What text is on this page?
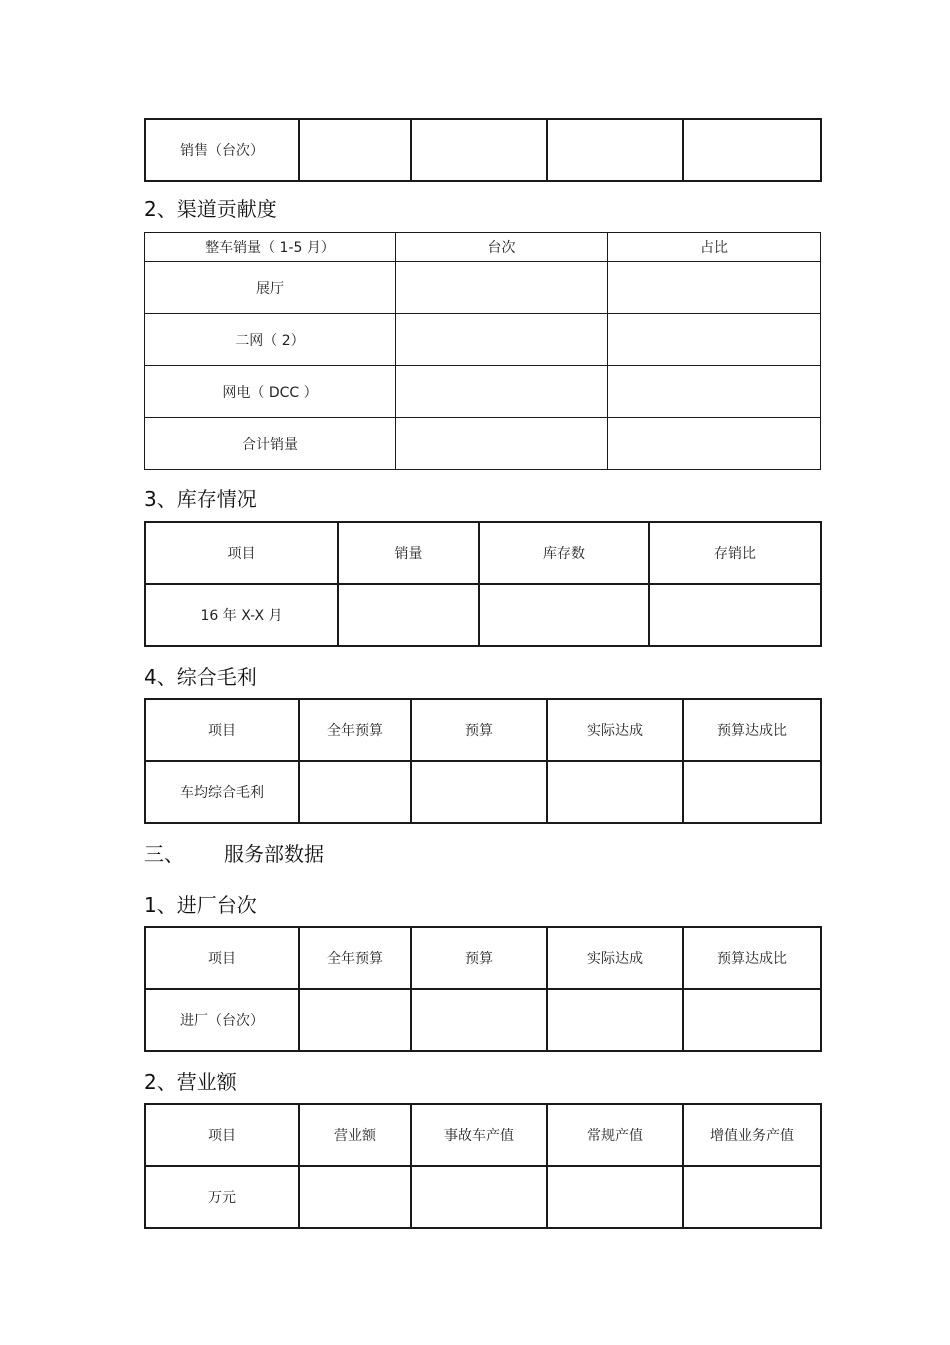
销售（台次）				
2、渠道贡献度
整车销量（ 1-5 月）	台次	占比
展厅		
二网（ 2）		
网电（ DCC ）		
合计销量		
3、库存情况
项目	销量	库存数	存销比
16 年 X-X 月			
4、综合毛利
项目	全年预算	预算	实际达成	预算达成比
车均综合毛利				
三、 服务部数据
1、进厂台次
项目	全年预算	预算	实际达成	预算达成比
进厂（台次）				
2、营业额
项目	营业额	事故车产值	常规产值	增值业务产值
万元				
